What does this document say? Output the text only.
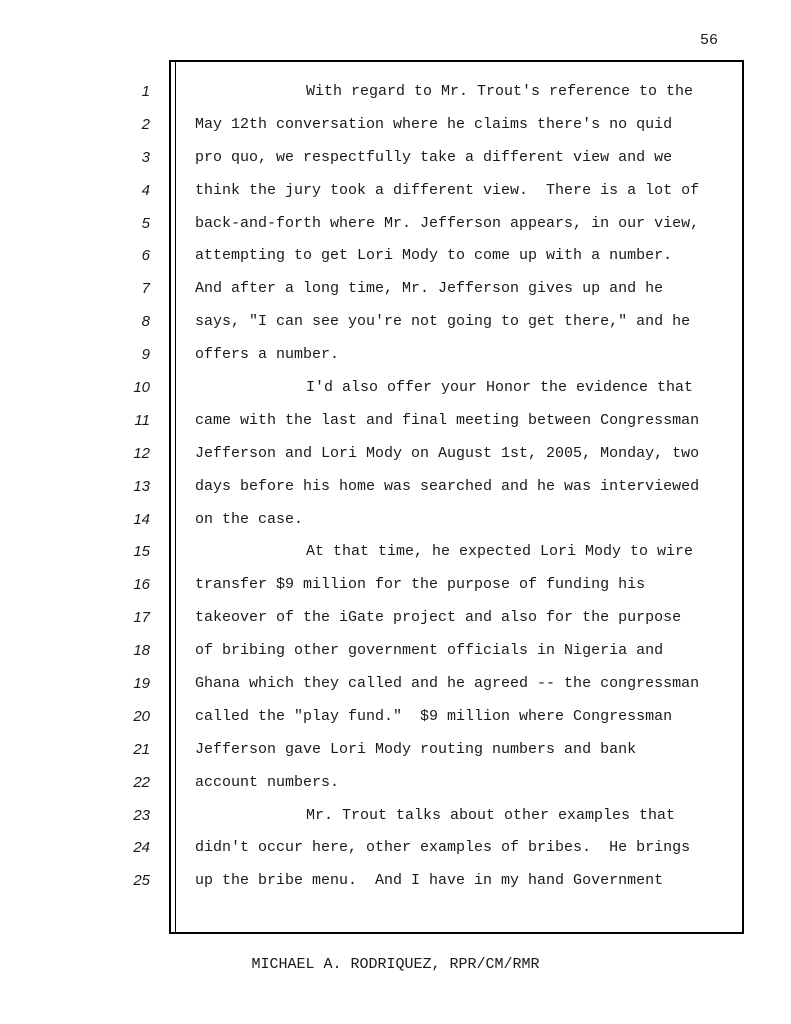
56
1
2
3
4
5
6
7
8
9
10
11
12
13
14
15
16
17
18
19
20
21
22
23
24
25
With regard to Mr. Trout's reference to the
May 12th conversation where he claims there's no quid
pro quo, we respectfully take a different view and we
think the jury took a different view.  There is a lot of
back-and-forth where Mr. Jefferson appears, in our view,
attempting to get Lori Mody to come up with a number.
And after a long time, Mr. Jefferson gives up and he
says, "I can see you're not going to get there," and he
offers a number.
I'd also offer your Honor the evidence that
came with the last and final meeting between Congressman
Jefferson and Lori Mody on August 1st, 2005, Monday, two
days before his home was searched and he was interviewed
on the case.
At that time, he expected Lori Mody to wire
transfer $9 million for the purpose of funding his
takeover of the iGate project and also for the purpose
of bribing other government officials in Nigeria and
Ghana which they called and he agreed -- the congressman
called the "play fund."  $9 million where Congressman
Jefferson gave Lori Mody routing numbers and bank
account numbers.
Mr. Trout talks about other examples that
didn't occur here, other examples of bribes.  He brings
up the bribe menu.  And I have in my hand Government
MICHAEL A. RODRIQUEZ, RPR/CM/RMR
